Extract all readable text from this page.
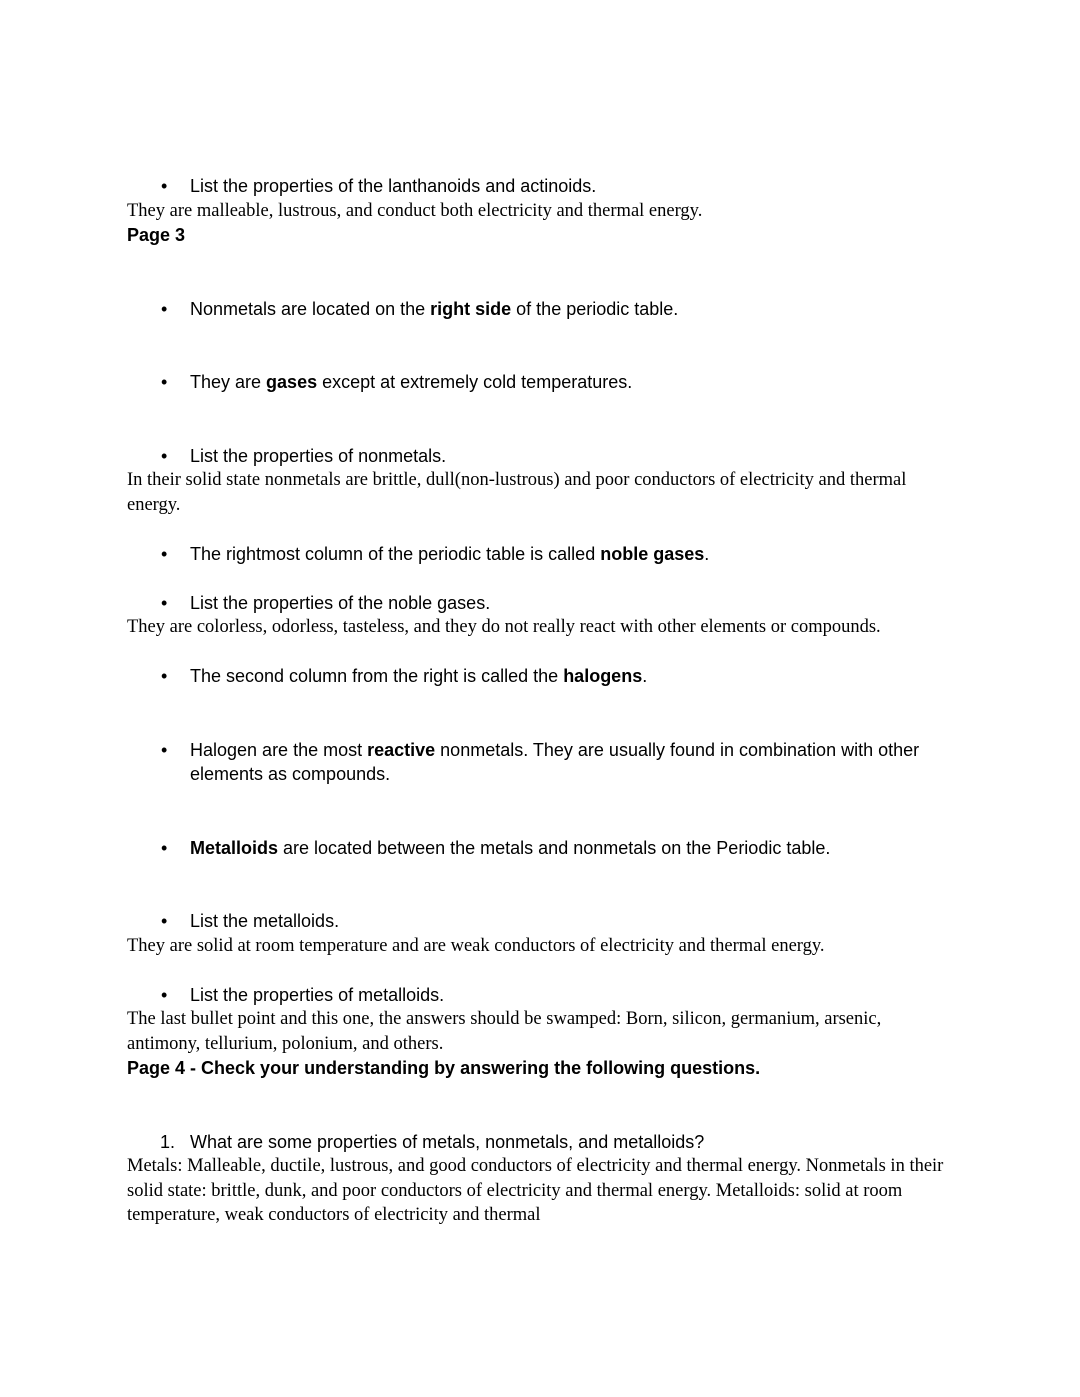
• List the properties of the lanthanoids and actinoids.

They are malleable, lustrous, and conduct both electricity and thermal energy.

Page 3

• Nonmetals are located on the right side of the periodic table.

• They are gases except at extremely cold temperatures.

• List the properties of nonmetals.

In their solid state nonmetals are brittle, dull(non-lustrous) and poor conductors of electricity and thermal energy.

• The rightmost column of the periodic table is called noble gases.

• List the properties of the noble gases.

They are colorless, odorless, tasteless, and they do not really react with other elements or compounds.

• The second column from the right is called the halogens.

• Halogen are the most reactive nonmetals. They are usually found in combination with other elements as compounds.

• Metalloids are located between the metals and nonmetals on the Periodic table.

• List the metalloids.

They are solid at room temperature and are weak conductors of electricity and thermal energy.

• List the properties of metalloids.

The last bullet point and this one, the answers should be swamped: Born, silicon, germanium, arsenic, antimony, tellurium, polonium, and others.

Page 4 - Check your understanding by answering the following questions.

1. What are some properties of metals, nonmetals, and metalloids?

Metals: Malleable, ductile, lustrous, and good conductors of electricity and thermal energy. Nonmetals in their solid state: brittle, dunk, and poor conductors of electricity and thermal energy. Metalloids: solid at room temperature, weak conductors of electricity and thermal
